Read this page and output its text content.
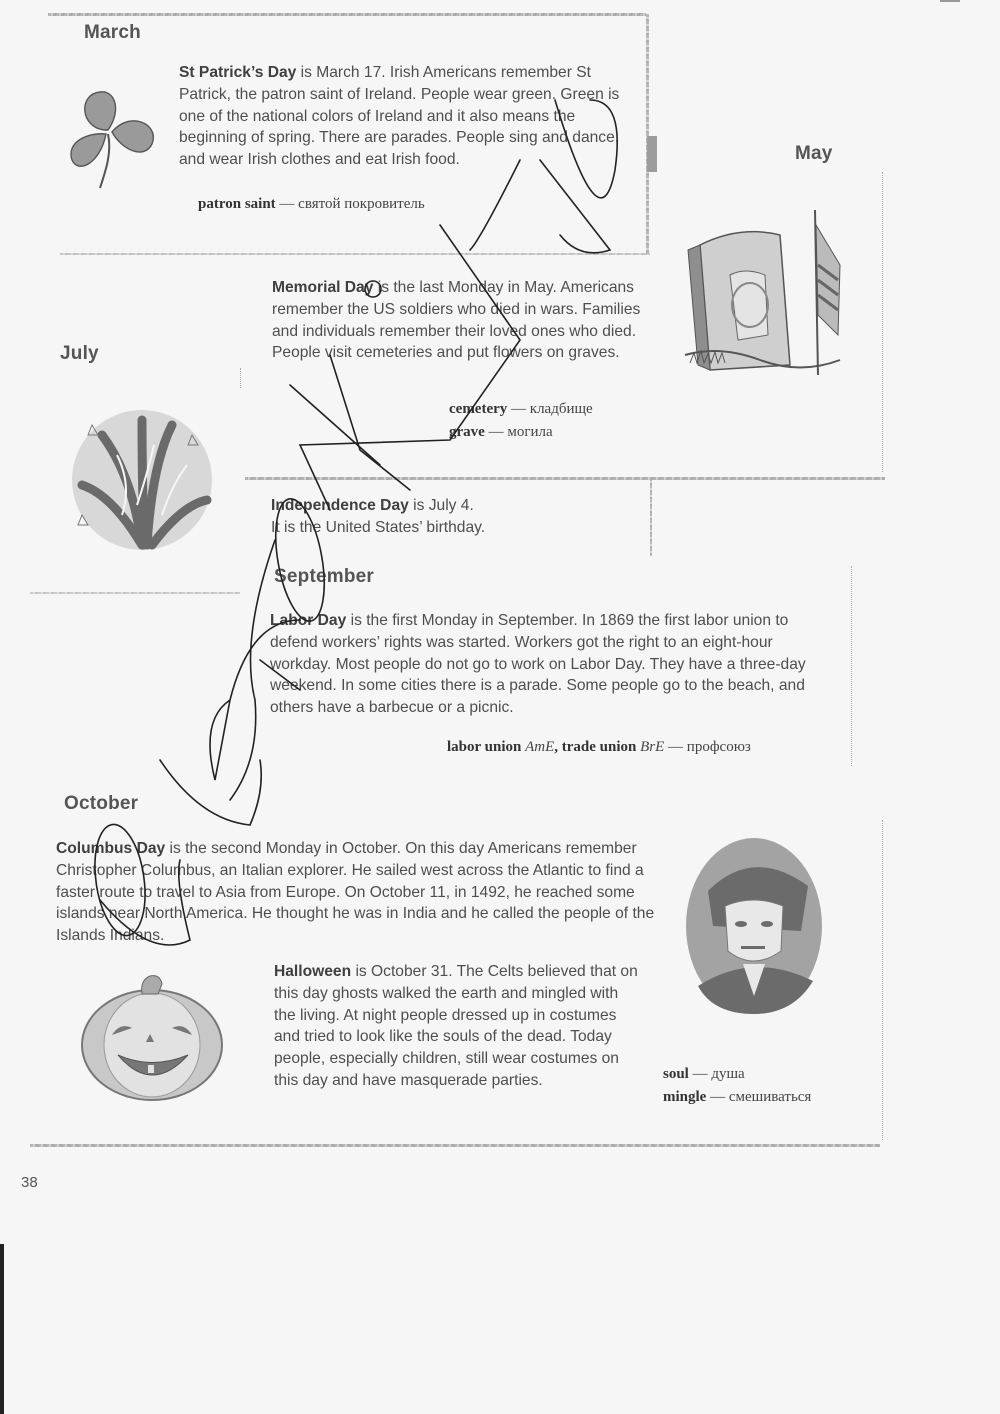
March
St Patrick’s Day is March 17. Irish Americans remember St Patrick, the patron saint of Ireland. People wear green. Green is one of the national colors of Ireland and it also means the beginning of spring. There are parades. People sing and dance, and wear Irish clothes and eat Irish food.
patron saint — святой покровитель
May
Memorial Day is the last Monday in May. Americans remember the US soldiers who died in wars. Families and individuals remember their loved ones who died. People visit cemeteries and put flowers on graves.
cemetery — кладбище
grave — могила
July
Independence Day is July 4.
It is the United States’ birthday.
September
Labor Day is the first Monday in September. In 1869 the first labor union to defend workers’ rights was started. Workers got the right to an eight-hour workday. Most people do not go to work on Labor Day. They have a three-day weekend. In some cities there is a parade. Some people go to the beach, and others have a barbecue or a picnic.
labor union AmE, trade union BrE — профсоюз
October
Columbus Day is the second Monday in October. On this day Americans remember Christopher Columbus, an Italian explorer. He sailed west across the Atlantic to find a faster route to travel to Asia from Europe. On October 11, in 1492, he reached some islands near North America. He thought he was in India and he called the people of the Islands Indians.
Halloween is October 31. The Celts believed that on this day ghosts walked the earth and mingled with the living. At night people dressed up in costumes and tried to look like the souls of the dead. Today people, especially children, still wear costumes on this day and have masquerade parties.	soul — душа
mingle — смешиваться
38
